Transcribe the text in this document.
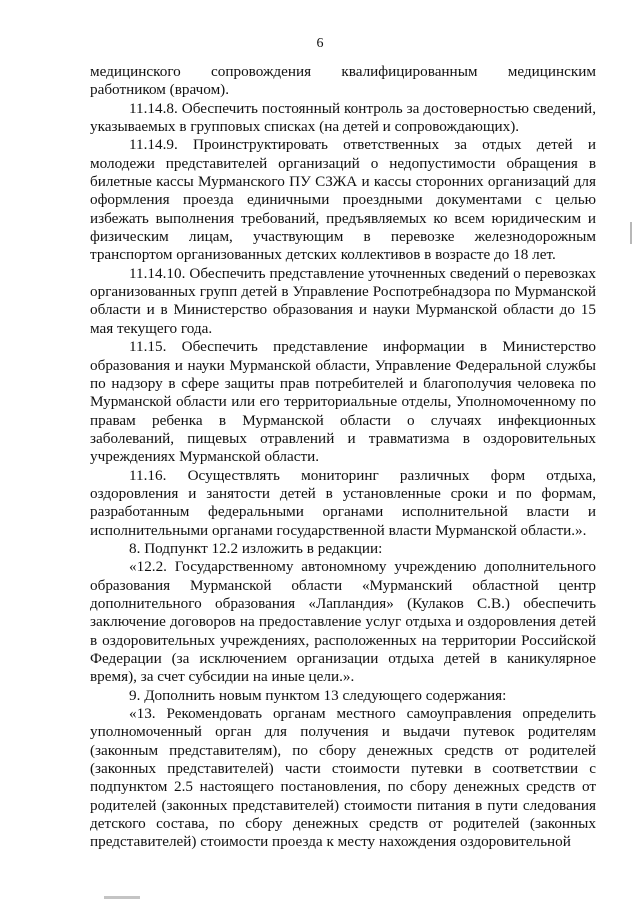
6

медицинского сопровождения квалифицированным медицинским работником (врачом).

11.14.8. Обеспечить постоянный контроль за достоверностью сведений, указываемых в групповых списках (на детей и сопровождающих).

11.14.9. Проинструктировать ответственных за отдых детей и молодежи представителей организаций о недопустимости обращения в билетные кассы Мурманского ПУ СЗЖА и кассы сторонних организаций для оформления проезда единичными проездными документами с целью избежать выполнения требований, предъявляемых ко всем юридическим и физическим лицам, участвующим в перевозке железнодорожным транспортом организованных детских коллективов в возрасте до 18 лет.

11.14.10. Обеспечить представление уточненных сведений о перевозках организованных групп детей в Управление Роспотребнадзора по Мурманской области и в Министерство образования и науки Мурманской области до 15 мая текущего года.

11.15. Обеспечить представление информации в Министерство образования и науки Мурманской области, Управление Федеральной службы по надзору в сфере защиты прав потребителей и благополучия человека по Мурманской области или его территориальные отделы, Уполномоченному по правам ребенка в Мурманской области о случаях инфекционных заболеваний, пищевых отравлений и травматизма в оздоровительных учреждениях Мурманской области.

11.16. Осуществлять мониторинг различных форм отдыха, оздоровления и занятости детей в установленные сроки и по формам, разработанным федеральными органами исполнительной власти и исполнительными органами государственной власти Мурманской области.».

8. Подпункт 12.2 изложить в редакции:

«12.2. Государственному автономному учреждению дополнительного образования Мурманской области «Мурманский областной центр дополнительного образования «Лапландия» (Кулаков С.В.) обеспечить заключение договоров на предоставление услуг отдыха и оздоровления детей в оздоровительных учреждениях, расположенных на территории Российской Федерации (за исключением организации отдыха детей в каникулярное время), за счет субсидии на иные цели.».

9. Дополнить новым пунктом 13 следующего содержания:

«13. Рекомендовать органам местного самоуправления определить уполномоченный орган для получения и выдачи путевок родителям (законным представителям), по сбору денежных средств от родителей (законных представителей) части стоимости путевки в соответствии с подпунктом 2.5 настоящего постановления, по сбору денежных средств от родителей (законных представителей) стоимости питания в пути следования детского состава, по сбору денежных средств от родителей (законных представителей) стоимости проезда к месту нахождения оздоровительной
